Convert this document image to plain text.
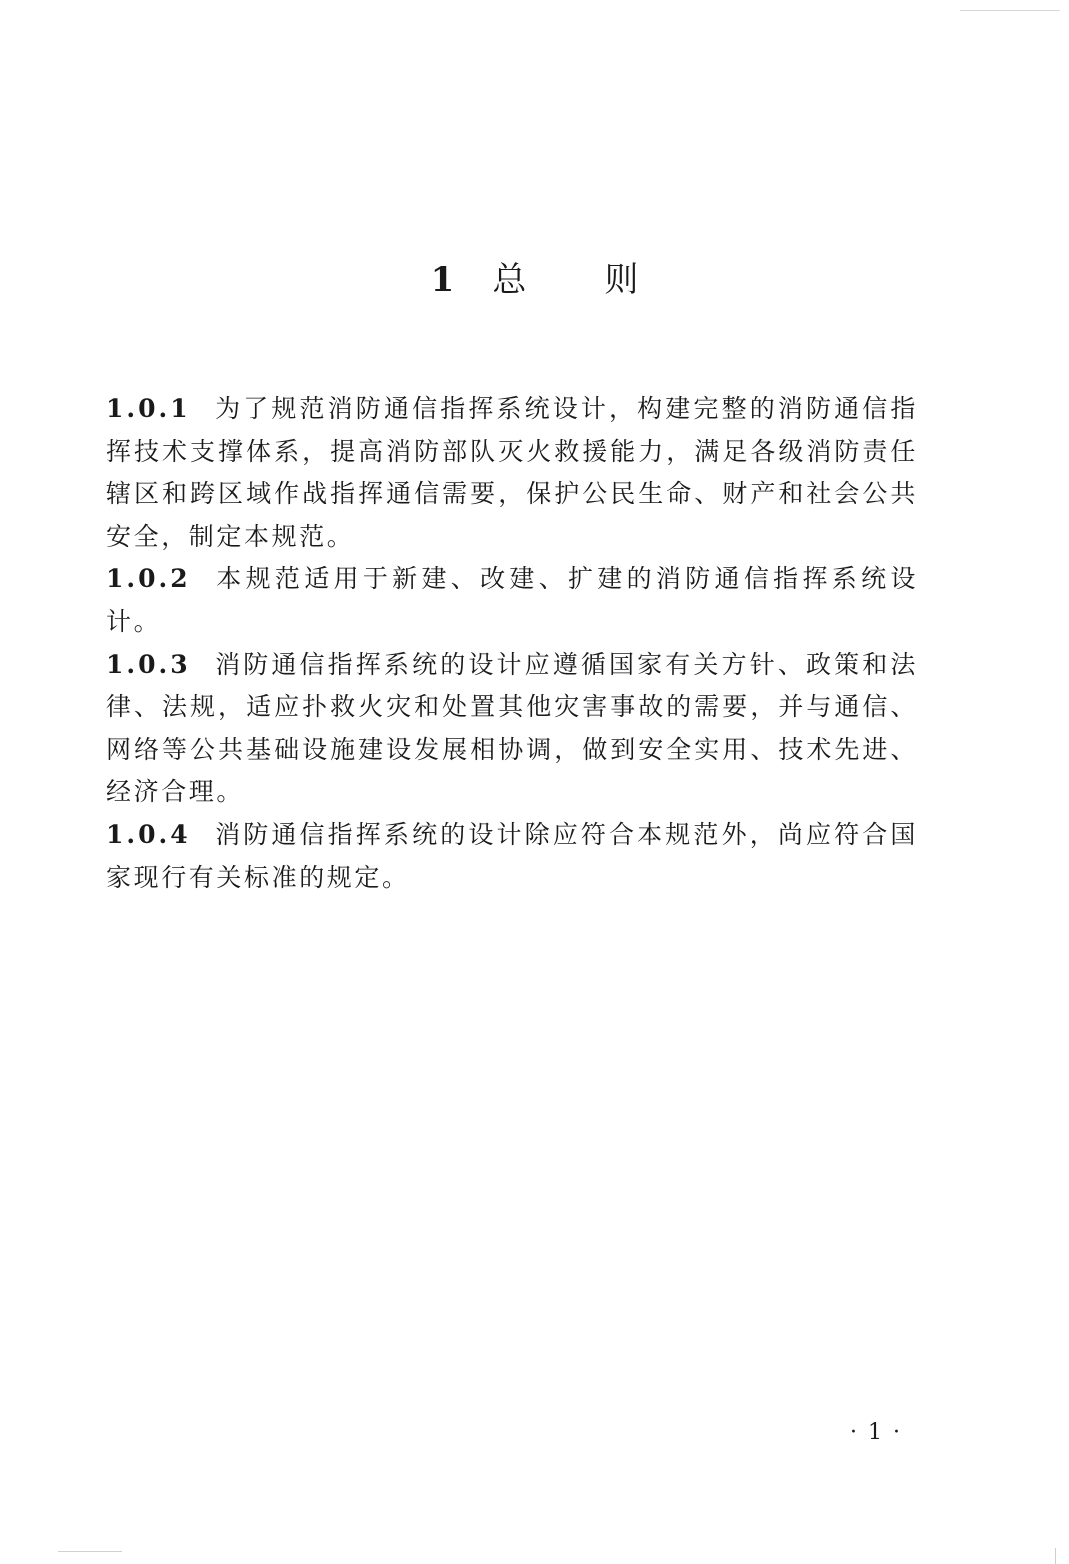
1 总 则

1.0.1 为了规范消防通信指挥系统设计，构建完整的消防通信指挥技术支撑体系，提高消防部队灭火救援能力，满足各级消防责任辖区和跨区域作战指挥通信需要，保护公民生命、财产和社会公共安全，制定本规范。

1.0.2 本规范适用于新建、改建、扩建的消防通信指挥系统设计。

1.0.3 消防通信指挥系统的设计应遵循国家有关方针、政策和法律、法规，适应扑救火灾和处置其他灾害事故的需要，并与通信、网络等公共基础设施建设发展相协调，做到安全实用、技术先进、经济合理。

1.0.4 消防通信指挥系统的设计除应符合本规范外，尚应符合国家现行有关标准的规定。

· 1 ·
